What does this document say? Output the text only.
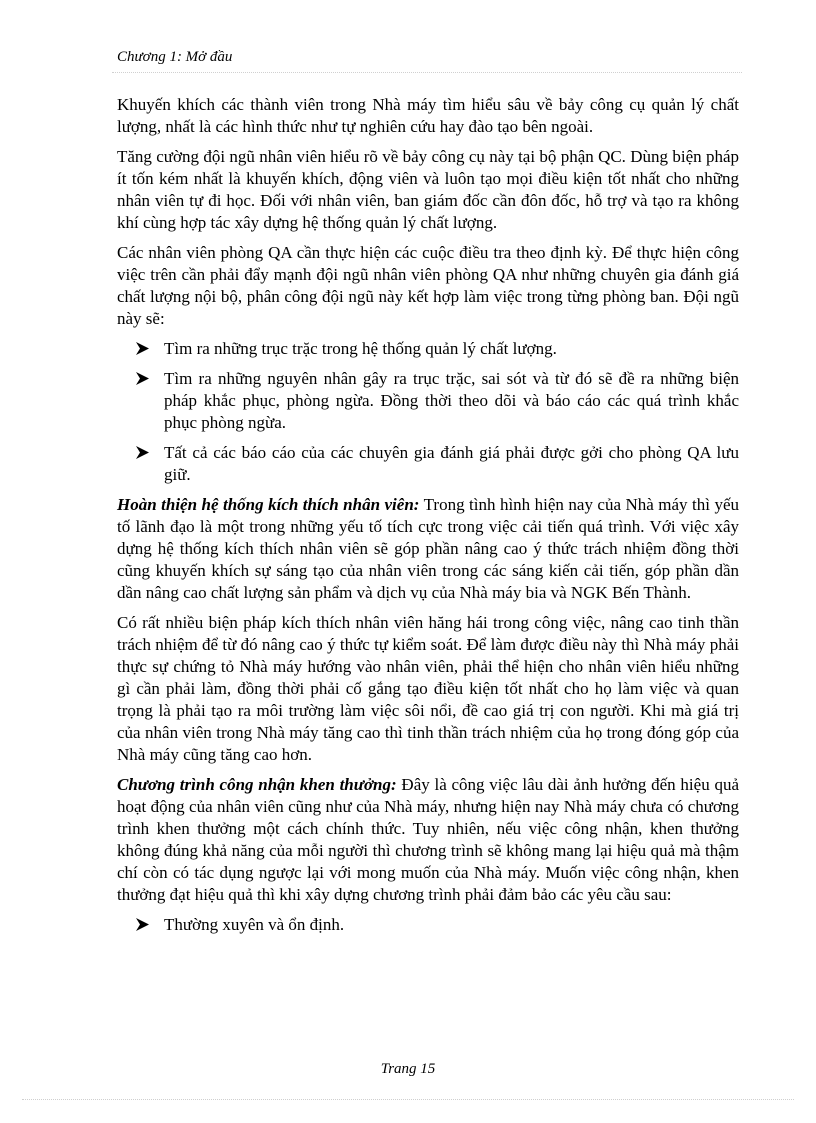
Chương 1: Mở đầu

Khuyến khích các thành viên trong Nhà máy tìm hiểu sâu về bảy công cụ quản lý chất lượng, nhất là các hình thức như tự nghiên cứu hay đào tạo bên ngoài.

Tăng cường đội ngũ nhân viên hiểu rõ về bảy công cụ này tại bộ phận QC. Dùng biện pháp ít tốn kém nhất là khuyến khích, động viên và luôn tạo mọi điều kiện tốt nhất cho những nhân viên tự đi học. Đối với nhân viên, ban giám đốc cần đôn đốc, hỗ trợ và tạo ra không khí cùng hợp tác xây dựng hệ thống quản lý chất lượng.

Các nhân viên phòng QA cần thực hiện các cuộc điều tra theo định kỳ. Để thực hiện công việc trên cần phải đẩy mạnh đội ngũ nhân viên phòng QA như những chuyên gia đánh giá chất lượng nội bộ, phân công đội ngũ này kết hợp làm việc trong từng phòng ban. Đội ngũ này sẽ:

Tìm ra những trục trặc trong hệ thống quản lý chất lượng.
Tìm ra những nguyên nhân gây ra trục trặc, sai sót và từ đó sẽ đề ra những biện pháp khắc phục, phòng ngừa. Đồng thời theo dõi và báo cáo các quá trình khắc phục phòng ngừa.
Tất cả các báo cáo của các chuyên gia đánh giá phải được gởi cho phòng QA lưu giữ.

Hoàn thiện hệ thống kích thích nhân viên: Trong tình hình hiện nay của Nhà máy thì yếu tố lãnh đạo là một trong những yếu tố tích cực trong việc cải tiến quá trình. Với việc xây dựng hệ thống kích thích nhân viên sẽ góp phần nâng cao ý thức trách nhiệm đồng thời cũng khuyến khích sự sáng tạo của nhân viên trong các sáng kiến cải tiến, góp phần dần dần nâng cao chất lượng sản phẩm và dịch vụ của Nhà máy bia và NGK Bến Thành.

Có rất nhiều biện pháp kích thích nhân viên hăng hái trong công việc, nâng cao tinh thần trách nhiệm để từ đó nâng cao ý thức tự kiểm soát. Để làm được điều này thì Nhà máy phải thực sự chứng tỏ Nhà máy hướng vào nhân viên, phải thể hiện cho nhân viên hiểu những gì cần phải làm, đồng thời phải cố gắng tạo điều kiện tốt nhất cho họ làm việc và quan trọng là phải tạo ra môi trường làm việc sôi nổi, đề cao giá trị con người. Khi mà giá trị của nhân viên trong Nhà máy tăng cao thì tinh thần trách nhiệm của họ trong đóng góp của Nhà máy cũng tăng cao hơn.

Chương trình công nhận khen thưởng: Đây là công việc lâu dài ảnh hưởng đến hiệu quả hoạt động của nhân viên cũng như của Nhà máy, nhưng hiện nay Nhà máy chưa có chương trình khen thưởng một cách chính thức. Tuy nhiên, nếu việc công nhận, khen thưởng không đúng khả năng của mỗi người thì chương trình sẽ không mang lại hiệu quả mà thậm chí còn có tác dụng ngược lại với mong muốn của Nhà máy. Muốn việc công nhận, khen thưởng đạt hiệu quả thì khi xây dựng chương trình phải đảm bảo các yêu cầu sau:

Thường xuyên và ổn định.
Trang 15
